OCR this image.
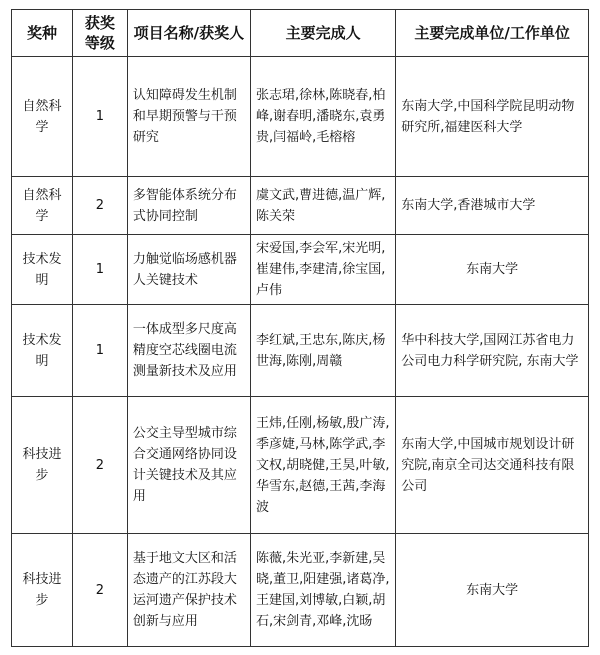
奖种	获奖等级	项目名称/获奖人	主要完成人	主要完成单位/工作单位
自然科学	1	认知障碍发生机制和早期预警与干预研究	张志珺,徐林,陈晓春,柏峰,谢春明,潘晓东,袁勇贵,闫福岭,毛榕榕	东南大学,中国科学院昆明动物研究所,福建医科大学
自然科学	2	多智能体系统分布式协同控制	虞文武,曹进德,温广辉,陈关荣	东南大学,香港城市大学
技术发明	1	力触觉临场感机器人关键技术	宋爱国,李会军,宋光明,崔建伟,李建清,徐宝国,卢伟	东南大学
技术发明	1	一体成型多尺度高精度空芯线圈电流测量新技术及应用	李红斌,王忠东,陈庆,杨世海,陈刚,周赣	华中科技大学,国网江苏省电力公司电力科学研究院, 东南大学
科技进步	2	公交主导型城市综合交通网络协同设计关键技术及其应用	王炜,任刚,杨敏,殷广涛,季彦婕,马林,陈学武,李文权,胡晓健,王昊,叶敏,华雪东,赵德,王茜,李海波	东南大学,中国城市规划设计研究院,南京全司达交通科技有限公司
科技进步	2	基于地文大区和活态遗产的江苏段大运河遗产保护技术创新与应用	陈薇,朱光亚,李新建,吴晓,董卫,阳建强,诸葛净,王建国,刘博敏,白颖,胡石,宋剑青,邓峰,沈旸	东南大学
